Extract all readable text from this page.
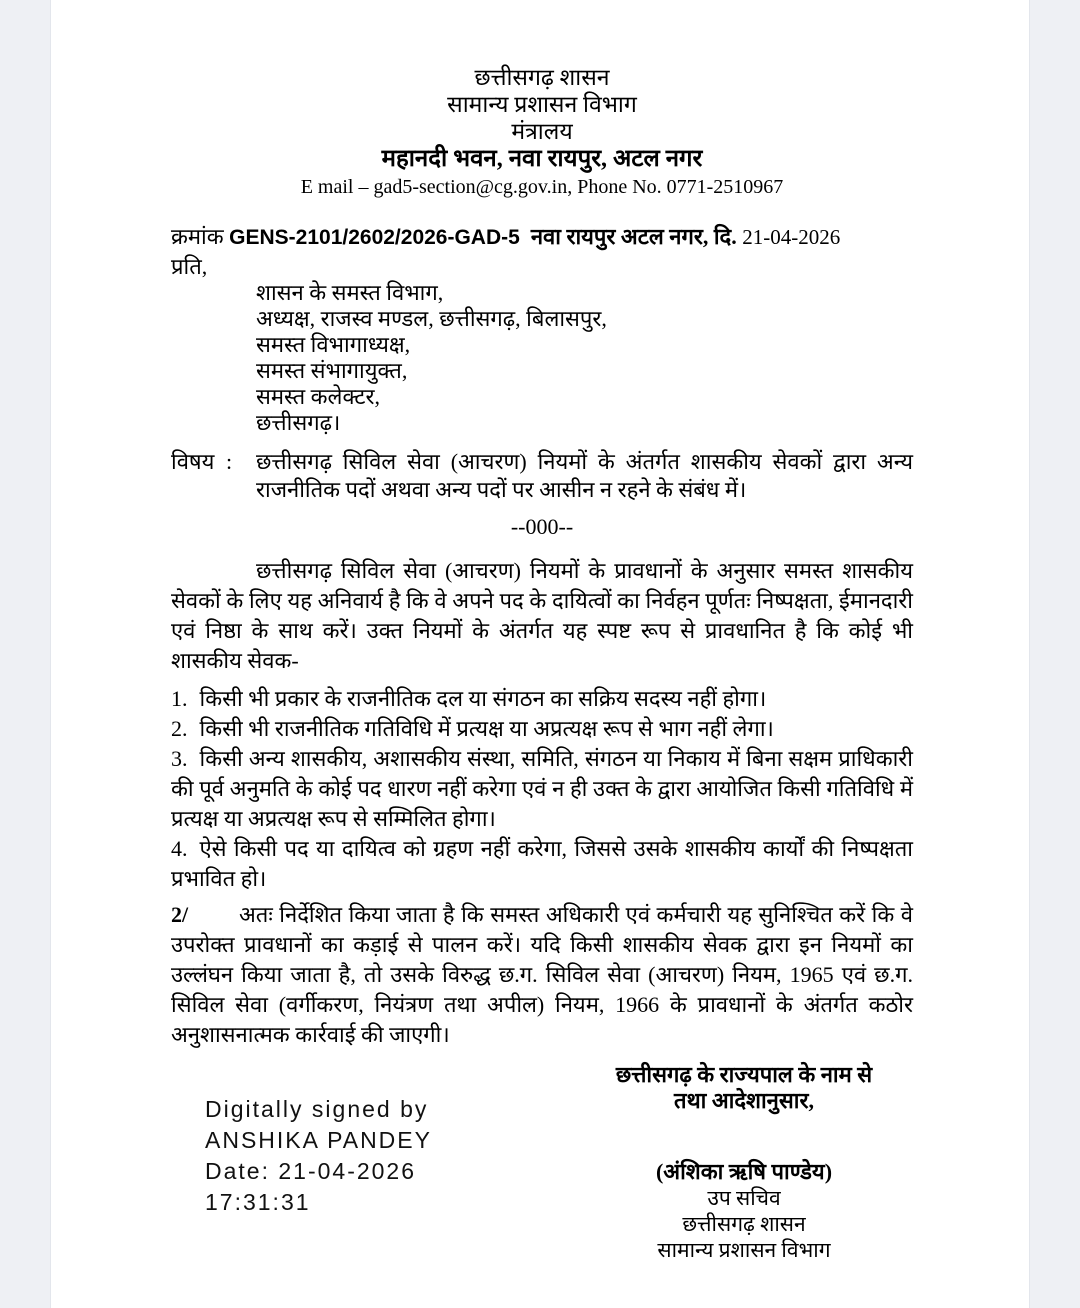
छत्तीसगढ़ शासन
सामान्य प्रशासन विभाग
मंत्रालय
महानदी भवन, नवा रायपुर, अटल नगर
E mail – gad5-section@cg.gov.in, Phone No. 0771-2510967
क्रमांक GENS-2101/2602/2026-GAD-5 नवा रायपुर अटल नगर, दि. 21-04-2026
प्रति,
शासन के समस्त विभाग,
अध्यक्ष, राजस्व मण्डल, छत्तीसगढ़, बिलासपुर,
समस्त विभागाध्यक्ष,
समस्त संभागायुक्त,
समस्त कलेक्टर,
छत्तीसगढ़।
विषय :	छत्तीसगढ़ सिविल सेवा (आचरण) नियमों के अंतर्गत शासकीय सेवकों द्वारा अन्य राजनीतिक पदों अथवा अन्य पदों पर आसीन न रहने के संबंध में।
--000--
छत्तीसगढ़ सिविल सेवा (आचरण) नियमों के प्रावधानों के अनुसार समस्त शासकीय सेवकों के लिए यह अनिवार्य है कि वे अपने पद के दायित्वों का निर्वहन पूर्णतः निष्पक्षता, ईमानदारी एवं निष्ठा के साथ करें। उक्त नियमों के अंतर्गत यह स्पष्ट रूप से प्रावधानित है कि कोई भी शासकीय सेवक-
1. किसी भी प्रकार के राजनीतिक दल या संगठन का सक्रिय सदस्य नहीं होगा।
2. किसी भी राजनीतिक गतिविधि में प्रत्यक्ष या अप्रत्यक्ष रूप से भाग नहीं लेगा।
3. किसी अन्य शासकीय, अशासकीय संस्था, समिति, संगठन या निकाय में बिना सक्षम प्राधिकारी की पूर्व अनुमति के कोई पद धारण नहीं करेगा एवं न ही उक्त के द्वारा आयोजित किसी गतिविधि में प्रत्यक्ष या अप्रत्यक्ष रूप से सम्मिलित होगा।
4. ऐसे किसी पद या दायित्व को ग्रहण नहीं करेगा, जिससे उसके शासकीय कार्यों की निष्पक्षता प्रभावित हो।
2/ अतः निर्देशित किया जाता है कि समस्त अधिकारी एवं कर्मचारी यह सुनिश्चित करें कि वे उपरोक्त प्रावधानों का कड़ाई से पालन करें। यदि किसी शासकीय सेवक द्वारा इन नियमों का उल्लंघन किया जाता है, तो उसके विरुद्ध छ.ग. सिविल सेवा (आचरण) नियम, 1965 एवं छ.ग. सिविल सेवा (वर्गीकरण, नियंत्रण तथा अपील) नियम, 1966 के प्रावधानों के अंतर्गत कठोर अनुशासनात्मक कार्रवाई की जाएगी।
Digitally signed by
ANSHIKA PANDEY
Date: 21-04-2026
17:31:31
छत्तीसगढ़ के राज्यपाल के नाम से
तथा आदेशानुसार,
(अंशिका ऋषि पाण्डेय)
उप सचिव
छत्तीसगढ़ शासन
सामान्य प्रशासन विभाग
